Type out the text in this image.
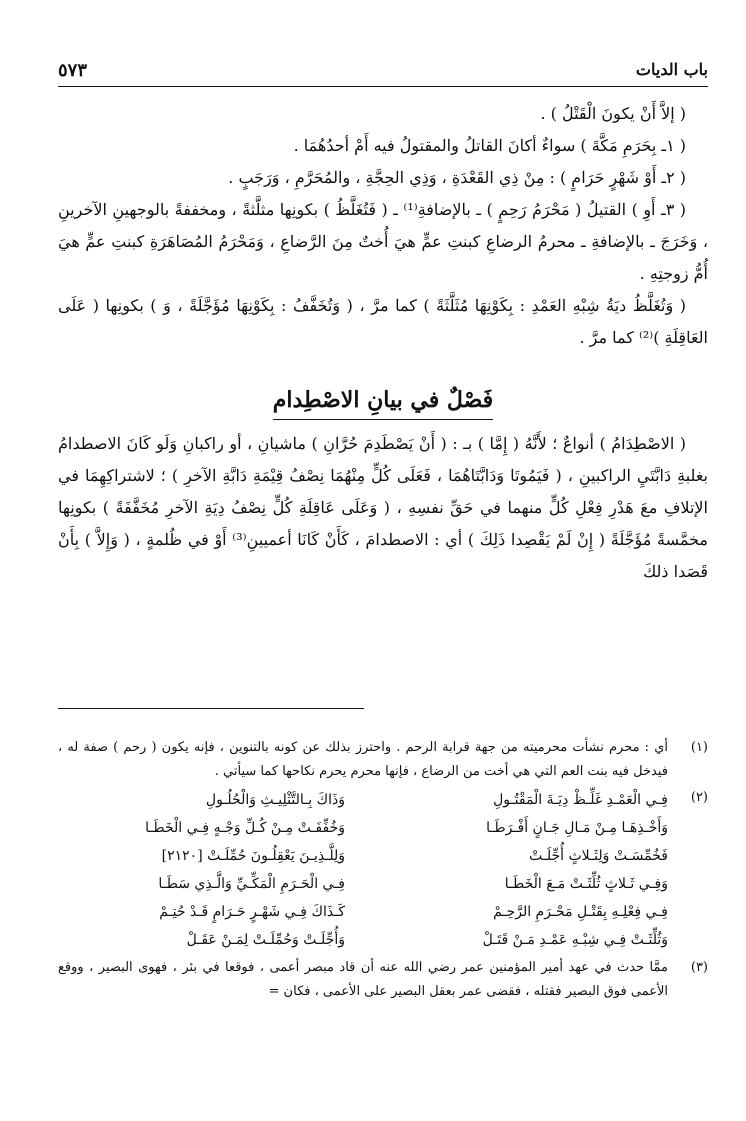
باب الديات
٥٧٣

( إلاَّ أَنْ يكونَ الْقَتْلُ ) .

( ١ـ بِحَرَمِ مَكَّةَ ) سواءٌ أكانَ القاتلُ والمقتولُ فيه أَمْ أحدُهُمَا .

( ٢ـ أَوْ شَهْرٍ حَرَامٍ ) : مِنْ ذِي القَعْدَةِ ، وَذِي الحِجَّةِ ، والمُحَرَّمِ ، وَرَجَبٍ .

( ٣ـ أَوِ ) القتيلُ ( مَحْرَمُ رَحِمٍ ) ـ بالإضافةِ⁽¹⁾ ـ ( فَتُغَلَّظُ ) بكونِها مثلَّثةً ، ومخففةً بالوجهينِ الآخرينِ ، وَخَرَجَ ـ بالإضافةِ ـ محرمُ الرضاعِ كبنتِ عمٍّ هيَ أُختٌ مِنَ الرَّضاعِ ، وَمَحْرَمُ المُصَاهَرَةِ كبنتِ عمٍّ هيَ أُمُّ زوجتِهِ .

( وَتُغَلَّظُ ديَةُ شِبْهِ العَمْدِ : بِكَوْنِهَا مُثَلَّثَةً ) كما مرَّ ، ( وَتُخَفَّفُ : بِكَوْنِهَا مُؤَجَّلَةً ، وَ ) بكونِها ( عَلَى العَاقِلَةِ )⁽²⁾ كما مرَّ .

فَصْلٌ في بيانِ الاصْطِدام

( الاصْطِدَامُ ) أنواعٌ ؛ لأَنَّهُ ( إِمَّا ) بـ : ( أَنْ يَصْطَدِمَ حُرَّانِ ) ماشيانِ ، أو راكبانِ وَلَو كَانَ الاصطدامُ بغلبةِ دَابَّتَيِ الراكبينِ ، ( فَيَمُوتَا وَدَابَّتَاهُمَا ، فَعَلَى كُلٍّ مِنْهُمَا نِصْفُ قِيْمَةِ دَابَّةِ الآخرِ ) ؛ لاشتراكِهِمَا في الإتلافِ معَ هَدْرِ فِعْلِ كُلٍّ منهما في حَقِّ نفسِهِ ، ( وَعَلَى عَاقِلَةِ كُلٍّ نِصْفُ دِيَةِ الآخرِ مُخَفَّفَةً ) بكونِها مخمَّسةً مُؤَجَّلَةً ( إِنْ لَمْ يَقْصِدا ذَلِكَ ) أي : الاصطدامَ ، كَأَنْ كَانَا أعميينِ⁽³⁾ أَوْ في ظُلمةٍ ، ( وَإِلاَّ ) بِأَنْ قَصَدا ذلكَ

(١)
أي : محرم نشأت محرميته من جهة قرابة الرحم . واحترز بذلك عن كونه بالتنوين ، فإنه يكون ( رحم ) صفة له ، فيدخل فيه بنت العم التي هي أخت من الرضاع ، فإنها محرم يحرم نكاحها كما سيأتي .
(٢)
فِـي الْعَمْـدِ غَلِّـظْ دِيَـةَ الْمَقْتُـولِ
وَذَاكَ بِـالتَّثْلِيـثِ وَالْحُلُـولِ
وَأَخْـذِهَـا مِـنْ مَـالِ جَـانٍ أَفْـرَطَـا
وَخُفِّفَـتْ مِـنْ كُـلِّ وَجْـهٍ فِـي الْخَطَـا
فَخُمِّسَـتْ وَلِثَـلاثٍ أُجِّلَـتْ
وَلِلَّـذِيـنَ يَعْقِلُـونَ حُمِّلَـتْ [٢١٢٠]
وَفِـي ثَـلاثٍ ثُلِّثَـتْ مَـعَ الْخَطَـا
فِـي الْحَـرَمِ الْمَكِّـيِّ وَالَّـذِي سَطَـا
فِـي فِعْلِـهِ بِقَتْـلِ مَحْـرَمِ الرَّحِـمْ
كَـذَاكَ فِـي شَهْـرٍ حَـرَامٍ قَـدْ حُتِـمْ
وَثُلِّثَـتْ فِـي شِبْـهِ عَمْـدِ مَـنْ قَتَـلْ
وَأُجِّلَـتْ وَحُمِّلَـتْ لِمَـنْ عَقَـلْ
(٣)
ممَّا حدث في عهد أمير المؤمنين عمر رضي الله عنه أن قاد مبصر أعمى ، فوقعا في بئر ، فهوى البصير ، ووقع الأعمى فوق البصير فقتله ، فقضى عمر بعقل البصير على الأعمى ، فكان =
